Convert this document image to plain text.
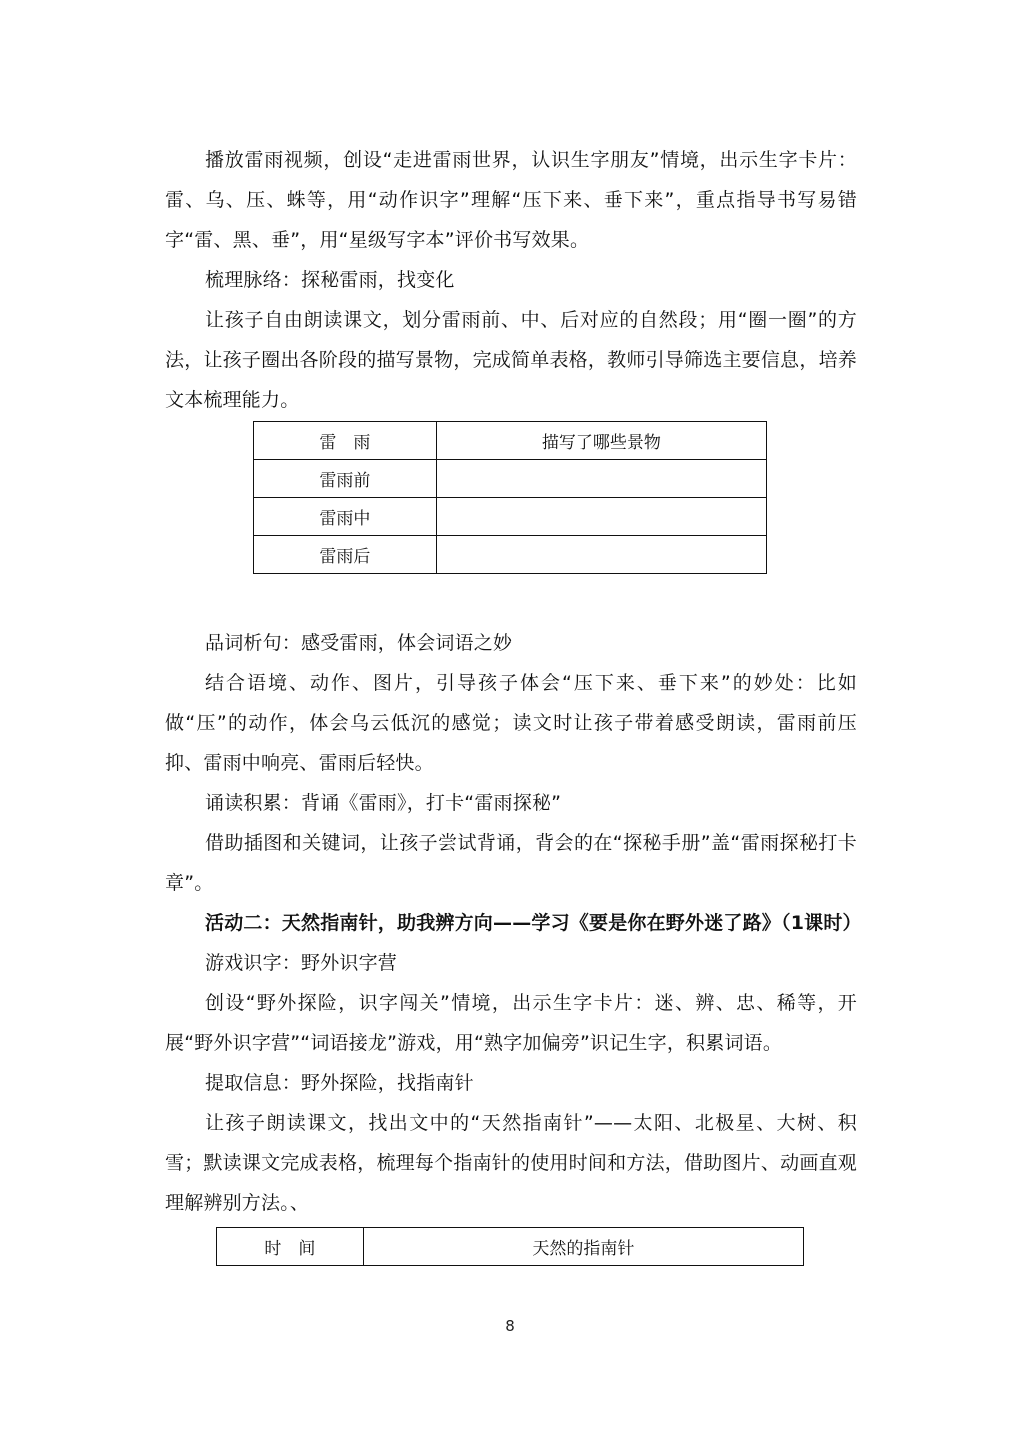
播放雷雨视频，创设“走进雷雨世界，认识生字朋友”情境，出示生字卡片：雷、乌、压、蛛等，用“动作识字”理解“压下来、垂下来”，重点指导书写易错字“雷、黑、垂”，用“星级写字本”评价书写效果。

梳理脉络：探秘雷雨，找变化

让孩子自由朗读课文，划分雷雨前、中、后对应的自然段；用“圈一圈”的方法，让孩子圈出各阶段的描写景物，完成简单表格，教师引导筛选主要信息，培养文本梳理能力。

雷　雨	描写了哪些景物
雷雨前	
雷雨中	
雷雨后	

品词析句：感受雷雨，体会词语之妙

结合语境、动作、图片，引导孩子体会“压下来、垂下来”的妙处：比如做“压”的动作，体会乌云低沉的感觉；读文时让孩子带着感受朗读，雷雨前压抑、雷雨中响亮、雷雨后轻快。

诵读积累：背诵《雷雨》，打卡“雷雨探秘”

借助插图和关键词，让孩子尝试背诵，背会的在“探秘手册”盖“雷雨探秘打卡章”。

活动二：天然指南针，助我辨方向——学习《要是你在野外迷了路》（1课时）

游戏识字：野外识字营

创设“野外探险，识字闯关”情境，出示生字卡片：迷、辨、忠、稀等，开展“野外识字营”“词语接龙”游戏，用“熟字加偏旁”识记生字，积累词语。

提取信息：野外探险，找指南针

让孩子朗读课文，找出文中的“天然指南针”——太阳、北极星、大树、积雪；默读课文完成表格，梳理每个指南针的使用时间和方法，借助图片、动画直观理解辨别方法。、

时　间	天然的指南针
8
